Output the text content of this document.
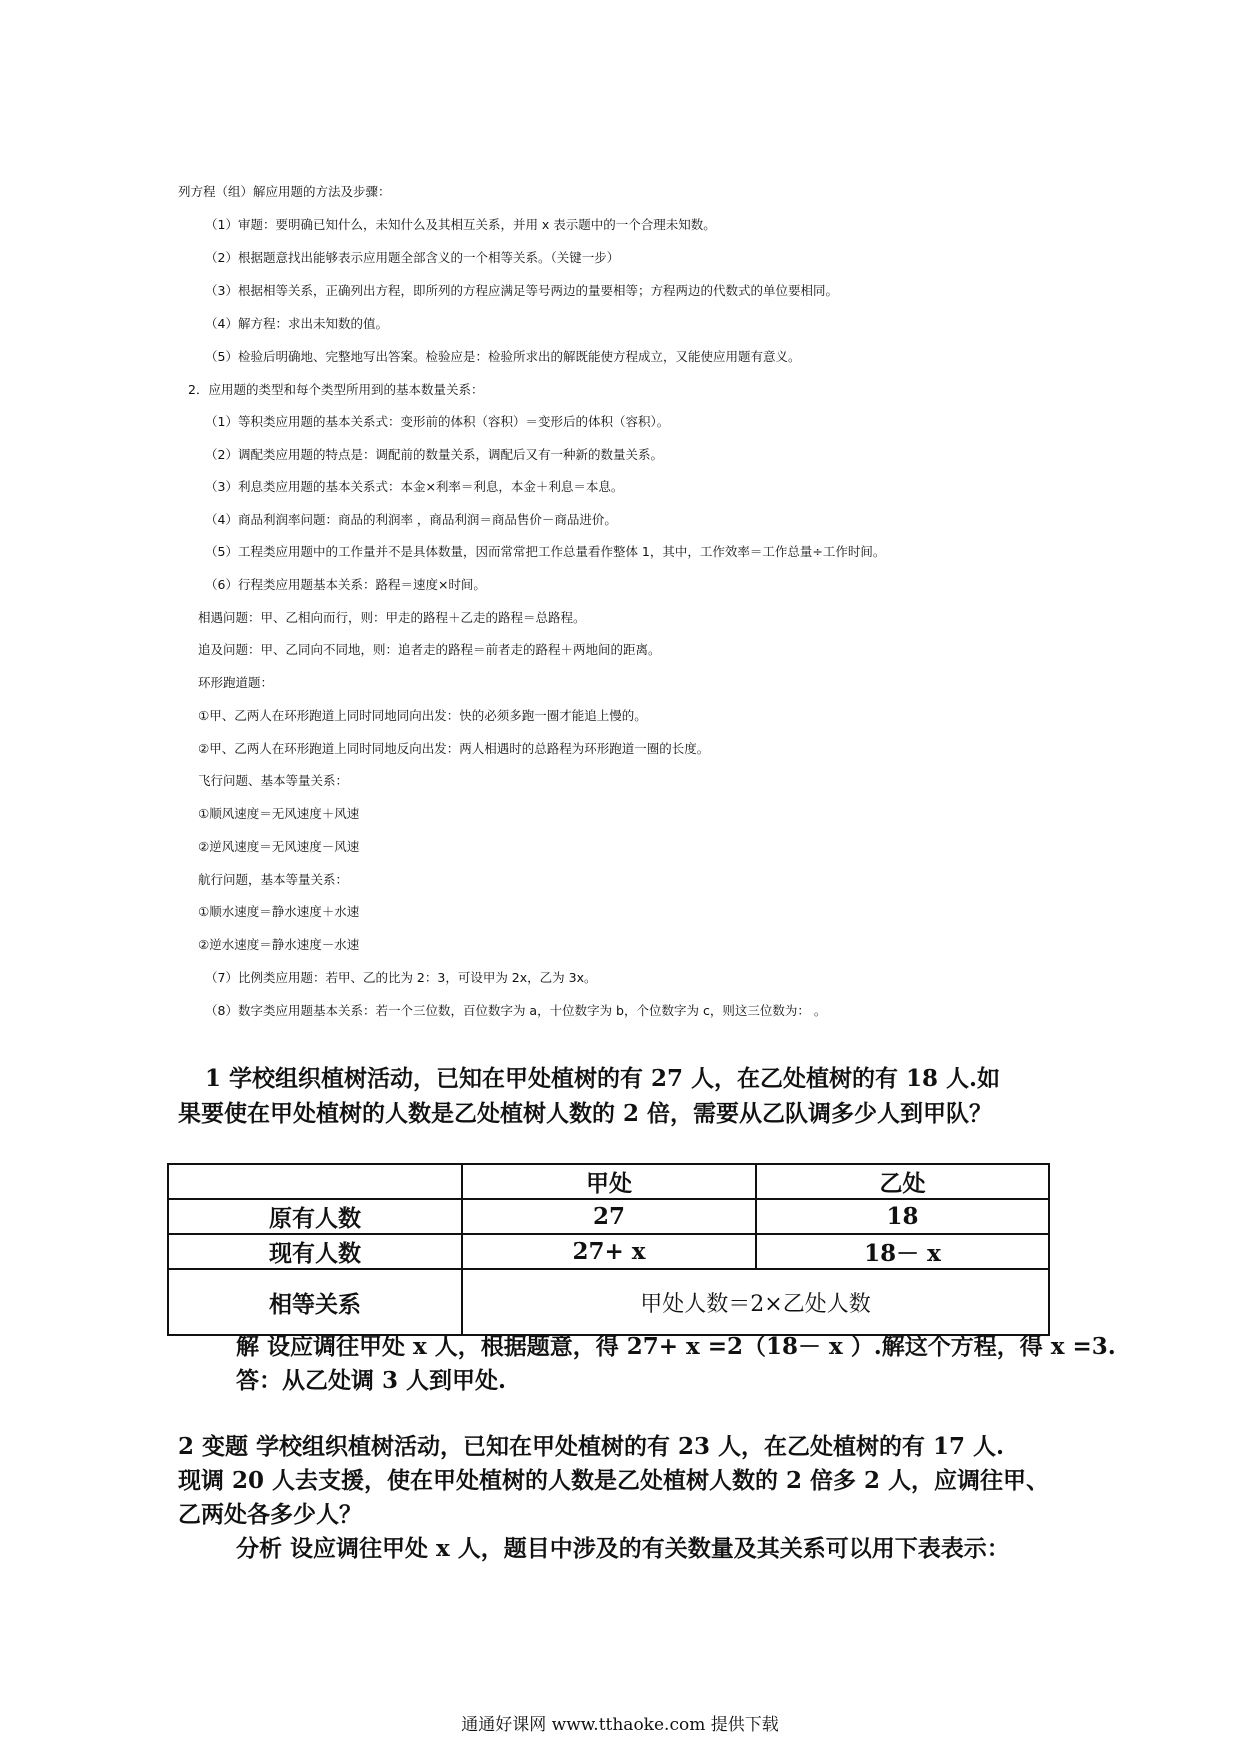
列方程（组）解应用题的方法及步骤：
（1）审题：要明确已知什么，未知什么及其相互关系，并用 x 表示题中的一个合理未知数。
（2）根据题意找出能够表示应用题全部含义的一个相等关系。（关键一步）
（3）根据相等关系，正确列出方程，即所列的方程应满足等号两边的量要相等；方程两边的代数式的单位要相同。
（4）解方程：求出未知数的值。
（5）检验后明确地、完整地写出答案。检验应是：检验所求出的解既能使方程成立，又能使应用题有意义。
2．应用题的类型和每个类型所用到的基本数量关系：
（1）等积类应用题的基本关系式：变形前的体积（容积）＝变形后的体积（容积）。
（2）调配类应用题的特点是：调配前的数量关系，调配后又有一种新的数量关系。
（3）利息类应用题的基本关系式：本金×利率＝利息，本金＋利息＝本息。
（4）商品利润率问题：商品的利润率 ，商品利润＝商品售价－商品进价。
（5）工程类应用题中的工作量并不是具体数量，因而常常把工作总量看作整体 1，其中，工作效率＝工作总量÷工作时间。
（6）行程类应用题基本关系：路程＝速度×时间。
相遇问题：甲、乙相向而行，则：甲走的路程＋乙走的路程＝总路程。
追及问题：甲、乙同向不同地，则：追者走的路程＝前者走的路程＋两地间的距离。
环形跑道题：
①甲、乙两人在环形跑道上同时同地同向出发：快的必须多跑一圈才能追上慢的。
②甲、乙两人在环形跑道上同时同地反向出发：两人相遇时的总路程为环形跑道一圈的长度。
飞行问题、基本等量关系：
①顺风速度＝无风速度＋风速
②逆风速度＝无风速度－风速
航行问题，基本等量关系：
①顺水速度＝静水速度＋水速
②逆水速度＝静水速度－水速
（7）比例类应用题：若甲、乙的比为 2：3，可设甲为 2x，乙为 3x。
（8）数字类应用题基本关系：若一个三位数，百位数字为 a，十位数字为 b，个位数字为 c，则这三位数为： 。
1 学校组织植树活动，已知在甲处植树的有 27 人，在乙处植树的有 18 人.如
果要使在甲处植树的人数是乙处植树人数的 2 倍，需要从乙队调多少人到甲队？
	甲处	乙处
原有人数	27	18
现有人数	27+ x	18－ x
相等关系	甲处人数＝2×乙处人数	
解 设应调往甲处 x 人，根据题意，得 27+ x =2（18－ x ）.解这个方程，得 x =3.
答：从乙处调 3 人到甲处.
2 变题 学校组织植树活动，已知在甲处植树的有 23 人，在乙处植树的有 17 人.
现调 20 人去支援，使在甲处植树的人数是乙处植树人数的 2 倍多 2 人，应调往甲、
乙两处各多少人？
分析 设应调往甲处 x 人，题目中涉及的有关数量及其关系可以用下表表示：
通通好课网 www.tthaoke.com 提供下载
